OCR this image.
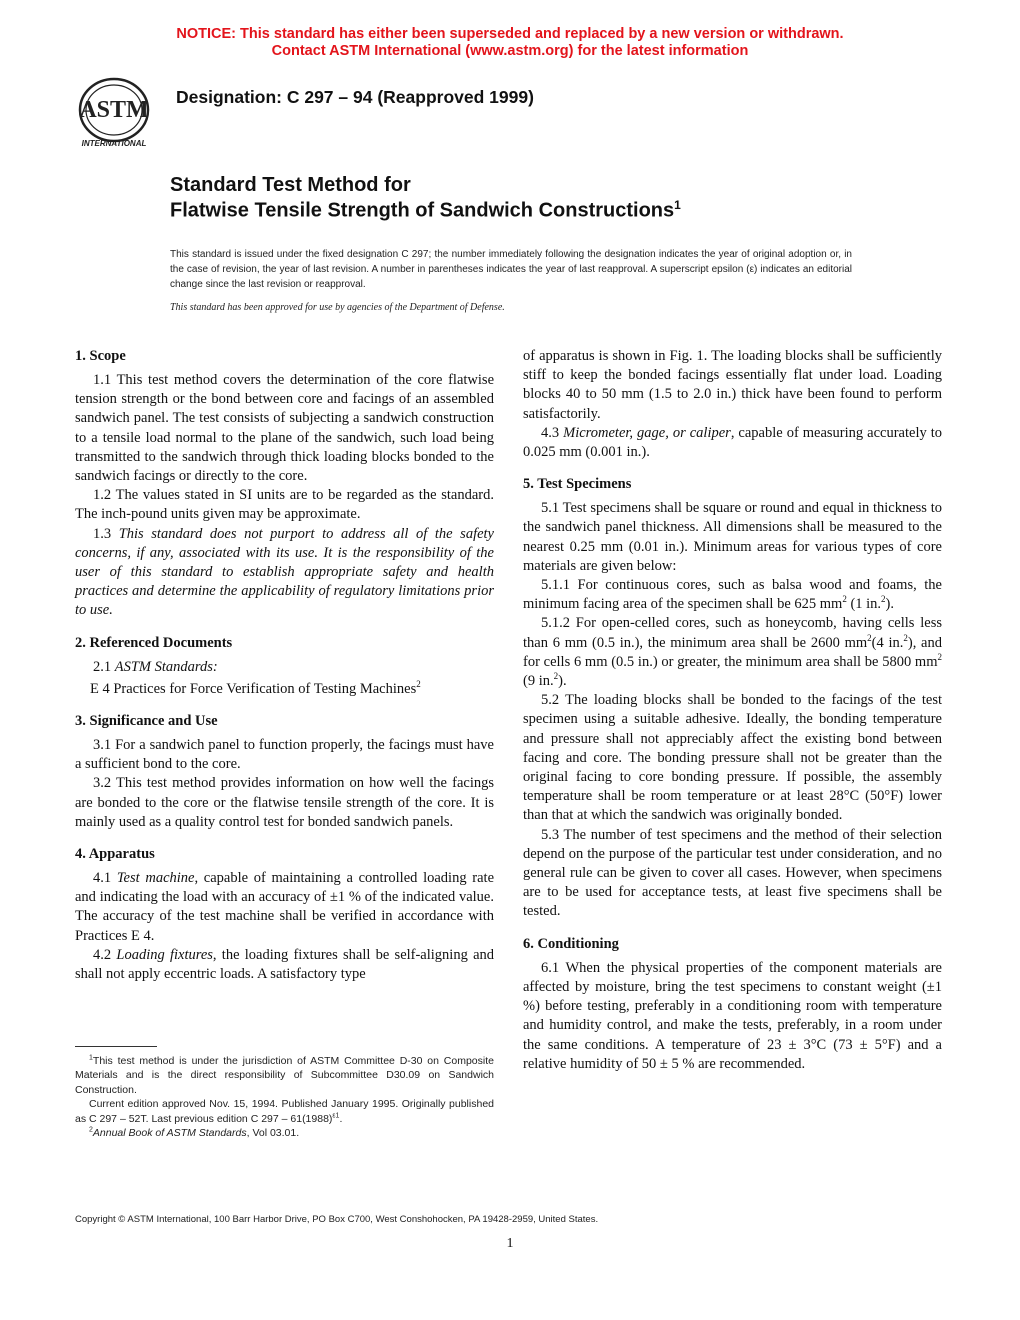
NOTICE: This standard has either been superseded and replaced by a new version or withdrawn.
Contact ASTM International (www.astm.org) for the latest information
ASTM
INTERNATIONAL
Designation: C 297 – 94 (Reapproved 1999)
Standard Test Method for
Flatwise Tensile Strength of Sandwich Constructions$^1$
This standard is issued under the fixed designation C 297; the number immediately following the designation indicates the year of original adoption or, in the case of revision, the year of last revision. A number in parentheses indicates the year of last reapproval. A superscript epsilon (ε) indicates an editorial change since the last revision or reapproval.
This standard has been approved for use by agencies of the Department of Defense.
1. Scope

1.1 This test method covers the determination of the core flatwise tension strength or the bond between core and facings of an assembled sandwich panel. The test consists of subjecting a sandwich construction to a tensile load normal to the plane of the sandwich, such load being transmitted to the sandwich through thick loading blocks bonded to the sandwich facings or directly to the core.

1.2 The values stated in SI units are to be regarded as the standard. The inch-pound units given may be approximate.

1.3 This standard does not purport to address all of the safety concerns, if any, associated with its use. It is the responsibility of the user of this standard to establish appropriate safety and health practices and determine the applicability of regulatory limitations prior to use.

2. Referenced Documents

2.1 ASTM Standards:

E 4 Practices for Force Verification of Testing Machines$^2$

3. Significance and Use

3.1 For a sandwich panel to function properly, the facings must have a sufficient bond to the core.

3.2 This test method provides information on how well the facings are bonded to the core or the flatwise tensile strength of the core. It is mainly used as a quality control test for bonded sandwich panels.

4. Apparatus

4.1 Test machine, capable of maintaining a controlled loading rate and indicating the load with an accuracy of ±1 % of the indicated value. The accuracy of the test machine shall be verified in accordance with Practices E 4.

4.2 Loading fixtures, the loading fixtures shall be self-aligning and shall not apply eccentric loads. A satisfactory type

of apparatus is shown in Fig. 1. The loading blocks shall be sufficiently stiff to keep the bonded facings essentially flat under load. Loading blocks 40 to 50 mm (1.5 to 2.0 in.) thick have been found to perform satisfactorily.

4.3 Micrometer, gage, or caliper, capable of measuring accurately to 0.025 mm (0.001 in.).

5. Test Specimens

5.1 Test specimens shall be square or round and equal in thickness to the sandwich panel thickness. All dimensions shall be measured to the nearest 0.25 mm (0.01 in.). Minimum areas for various types of core materials are given below:

5.1.1 For continuous cores, such as balsa wood and foams, the minimum facing area of the specimen shall be 625 $mm^2$ (1 in.$^2$).

5.1.2 For open-celled cores, such as honeycomb, having cells less than 6 mm (0.5 in.), the minimum area shall be 2600 $mm^2(4$ in.$^2$), and for cells 6 mm (0.5 in.) or greater, the minimum area shall be 5800 $mm^2$ (9 in.$^2$).

5.2 The loading blocks shall be bonded to the facings of the test specimen using a suitable adhesive. Ideally, the bonding temperature and pressure shall not appreciably affect the existing bond between facing and core. The bonding pressure shall not be greater than the original facing to core bonding pressure. If possible, the assembly temperature shall be room temperature or at least 28°C (50°F) lower than that at which the sandwich was originally bonded.

5.3 The number of test specimens and the method of their selection depend on the purpose of the particular test under consideration, and no general rule can be given to cover all cases. However, when specimens are to be used for acceptance tests, at least five specimens shall be tested.

6. Conditioning

6.1 When the physical properties of the component materials are affected by moisture, bring the test specimens to constant weight (±1 %) before testing, preferably in a conditioning room with temperature and humidity control, and make the tests, preferably, in a room under the same conditions. A temperature of 23 ± 3°C (73 ± 5°F) and a relative humidity of 50 ± 5 % are recommended.

$^1$This test method is under the jurisdiction of ASTM Committee D-30 on Composite Materials and is the direct responsibility of Subcommittee D30.09 on Sandwich Construction.

Current edition approved Nov. 15, 1994. Published January 1995. Originally published as C 297 – 52T. Last previous edition C $297 - 61(1988)^{\varepsilon 1}$.

$^2$Annual Book of ASTM Standards, Vol 03.01.

Copyright © ASTM International, 100 Barr Harbor Drive, PO Box C700, West Conshohocken, PA 19428-2959, United States.
1
